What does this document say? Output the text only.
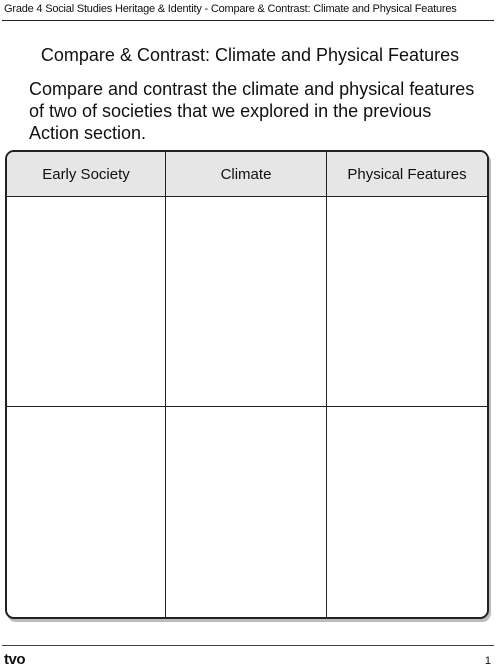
Grade 4 Social Studies Heritage & Identity - Compare & Contrast: Climate and Physical Features
Compare & Contrast: Climate and Physical Features
Compare and contrast the climate and physical features of two of societies that we explored in the previous Action section.
Early Society	Climate	Physical Features
tvo	1
